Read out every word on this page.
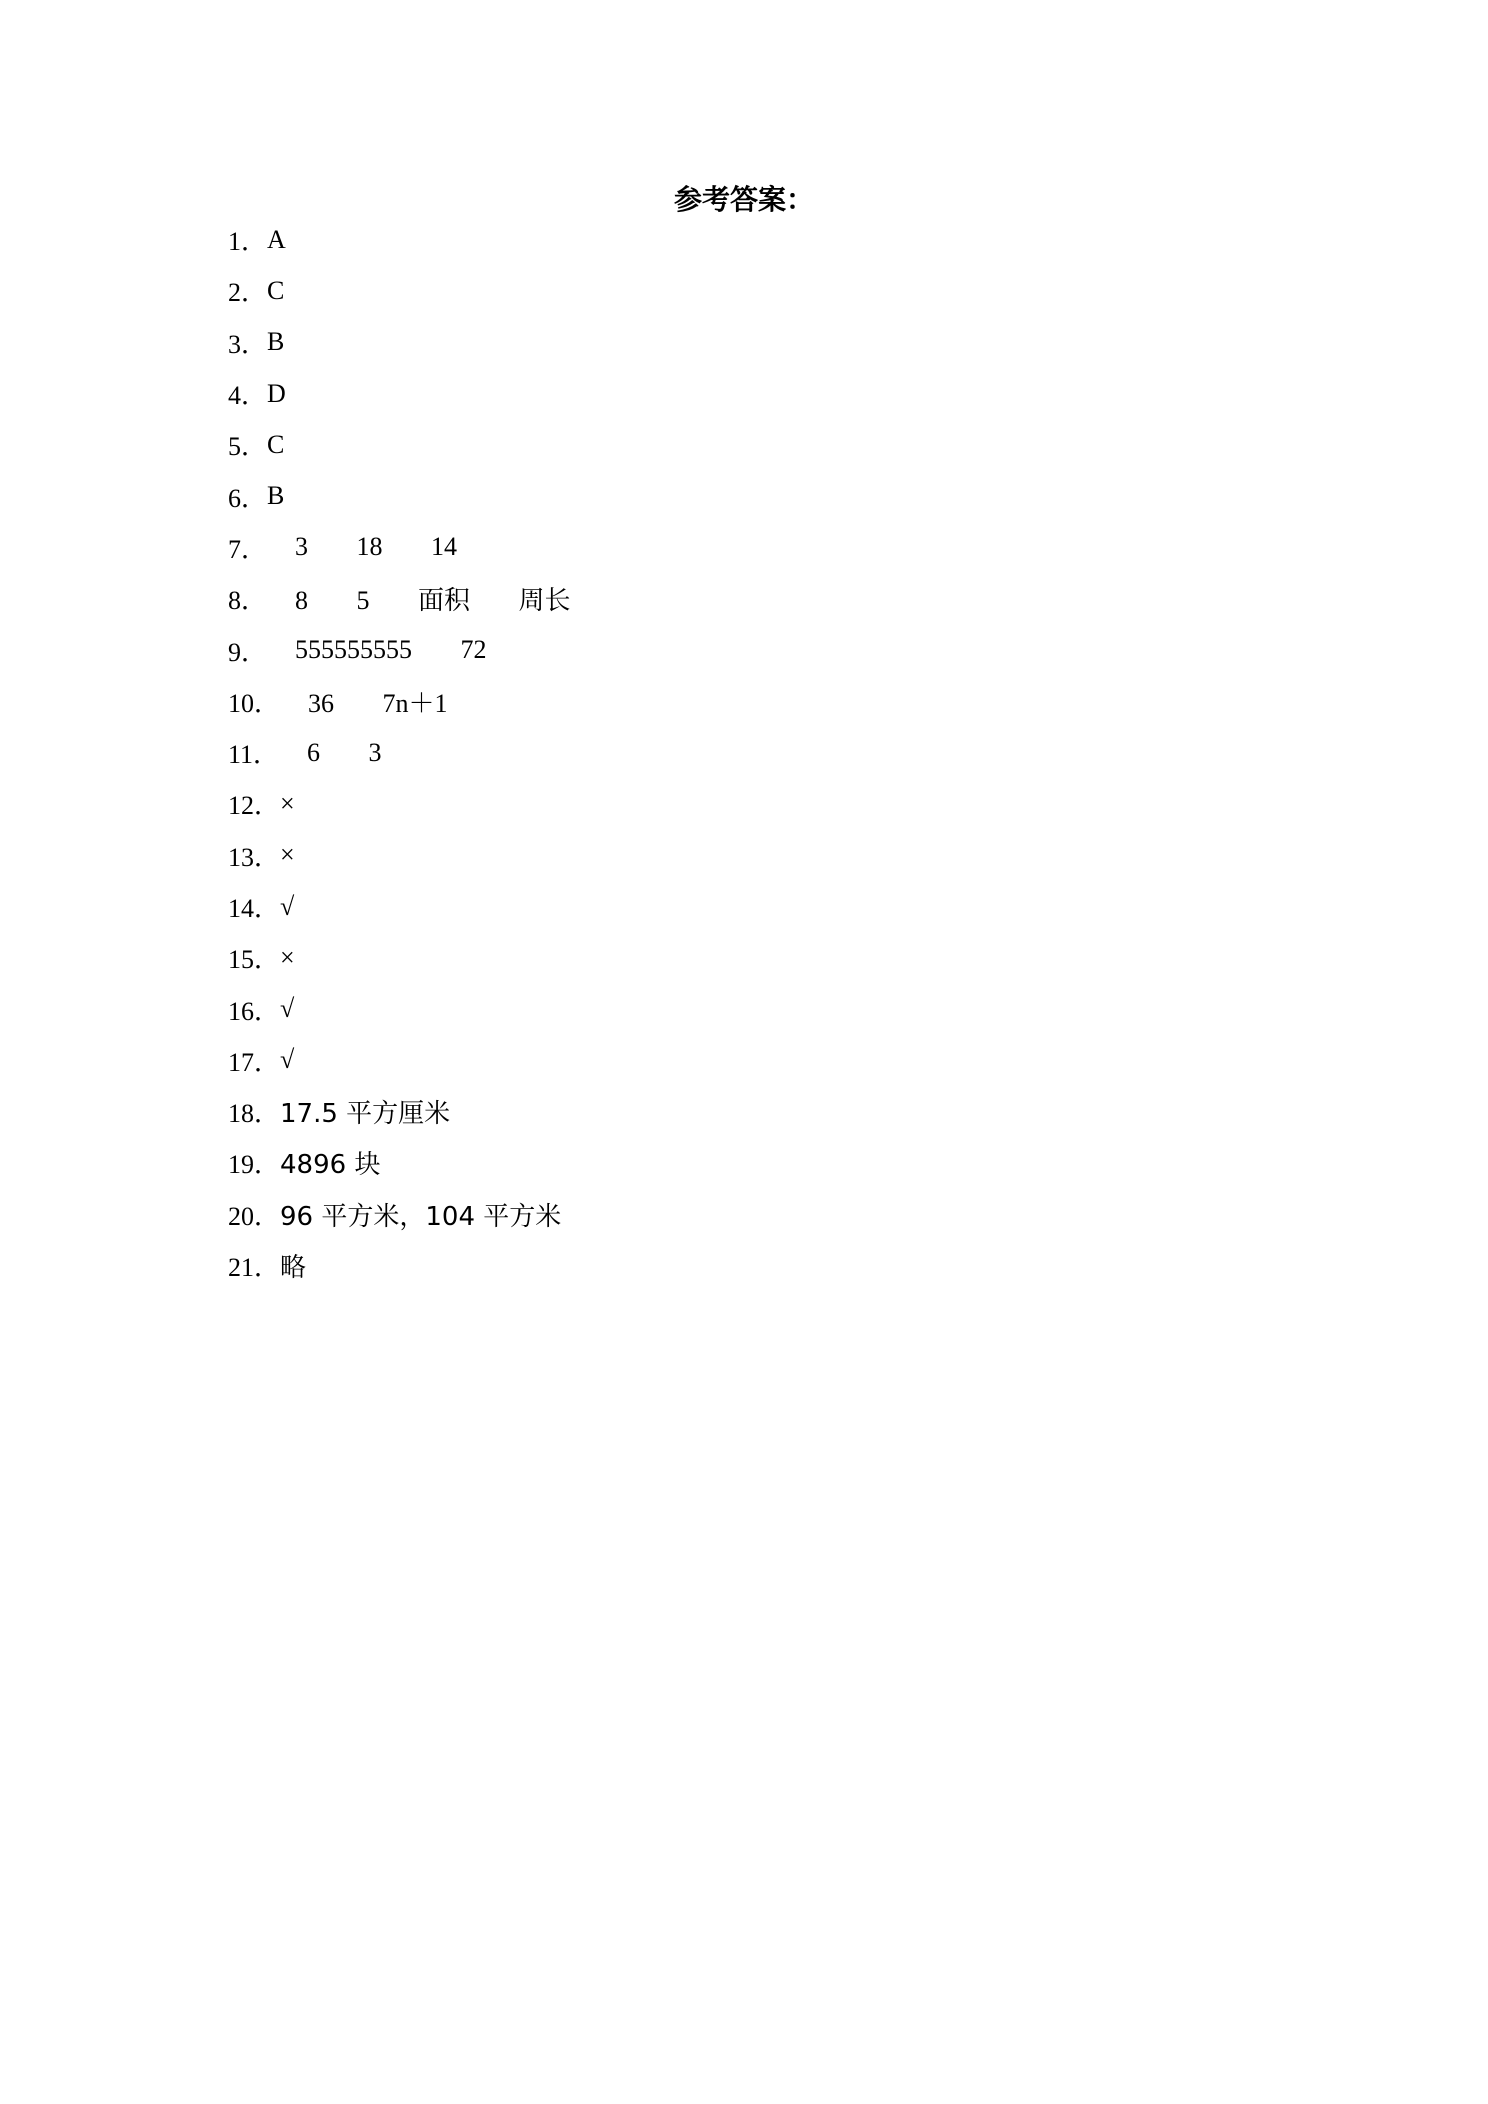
参考答案：
1． A
2． C
3． B
4． D
5． C
6． B
7． 3 18 14
8． 8 5 面积 周长
9． 555555555 72
10． 36 7n＋1
11． 6 3
12． ×
13． ×
14． √
15． ×
16． √
17． √
18． 17.5 平方厘米
19． 4896 块
20． 96 平方米，104 平方米
21． 略
